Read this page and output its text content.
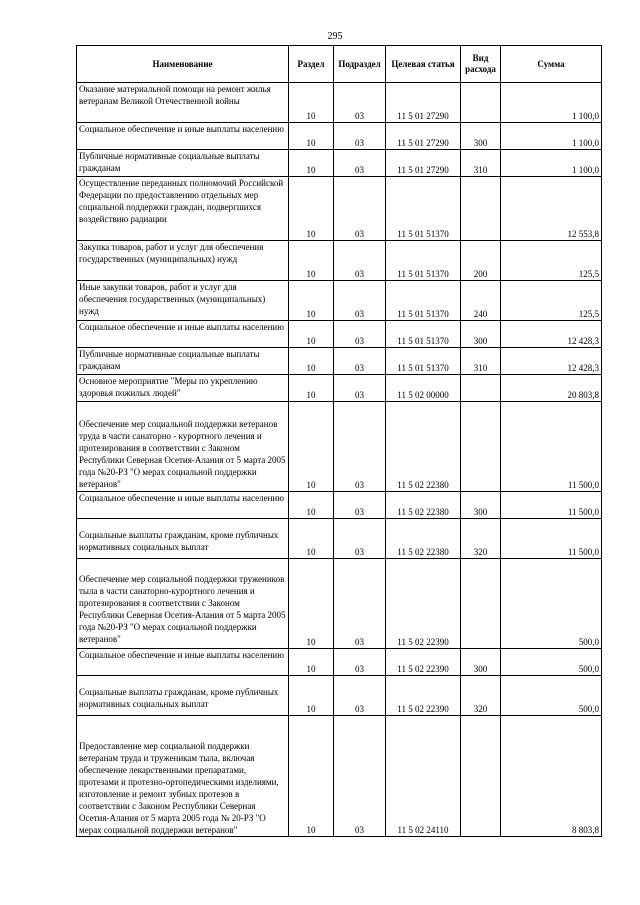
295
Наименование	Раздел	Подраздел	Целевая статья	Вид расхода	Сумма
Оказание материальной помощи на ремонт жилья ветеранам Великой Отечественной войны	10	03	11 5 01 27290		1 100,0
Социальное обеспечение и иные выплаты населению	10	03	11 5 01 27290	300	1 100,0
Публичные нормативные социальные выплаты гражданам	10	03	11 5 01 27290	310	1 100,0
Осуществление переданных полномочий Российской Федерации по предоставлению отдельных мер социальной поддержки граждан, подвергшихся воздействию радиации	10	03	11 5 01 51370		12 553,8
Закупка товаров, работ и услуг для обеспечения государственных (муниципальных) нужд	10	03	11 5 01 51370	200	125,5
Иные закупки товаров, работ и услуг для обеспечения государственных (муниципальных) нужд	10	03	11 5 01 51370	240	125,5
Социальное обеспечение и иные выплаты населению	10	03	11 5 01 51370	300	12 428,3
Публичные нормативные социальные выплаты гражданам	10	03	11 5 01 51370	310	12 428,3
Основное мероприятие "Меры по укреплению здоровья пожилых людей"	10	03	11 5 02 00000		20 803,8
Обеспечение мер социальной поддержки ветеранов труда в части санаторно - курортного лечения и протезирования в соответствии с Законом Республики Северная Осетия-Алания от 5 марта 2005 года №20-РЗ "О мерах социальной поддержки ветеранов"	10	03	11 5 02 22380		11 500,0
Социальное обеспечение и иные выплаты населению	10	03	11 5 02 22380	300	11 500,0
Социальные выплаты гражданам, кроме публичных нормативных социальных выплат	10	03	11 5 02 22380	320	11 500,0
Обеспечение мер социальной поддержки тружеников тыла в части санаторно-курортного лечения и протезирования в соответствии с Законом Республики Северная Осетия-Алания от 5 марта 2005 года №20-РЗ "О мерах социальной поддержки ветеранов"	10	03	11 5 02 22390		500,0
Социальное обеспечение и иные выплаты населению	10	03	11 5 02 22390	300	500,0
Социальные выплаты гражданам, кроме публичных нормативных социальных выплат	10	03	11 5 02 22390	320	500,0
Предоставление мер социальной поддержки ветеранам труда и труженикам тыла, включая обеспечение лекарственными препаратами, протезами и протезно-ортопедическими изделиями, изготовление и ремонт зубных протезов в соответствии с Законом Республики Северная Осетия-Алания от 5 марта 2005 года № 20-РЗ "О мерах социальной поддержки ветеранов"	10	03	11 5 02 24110		8 803,8
